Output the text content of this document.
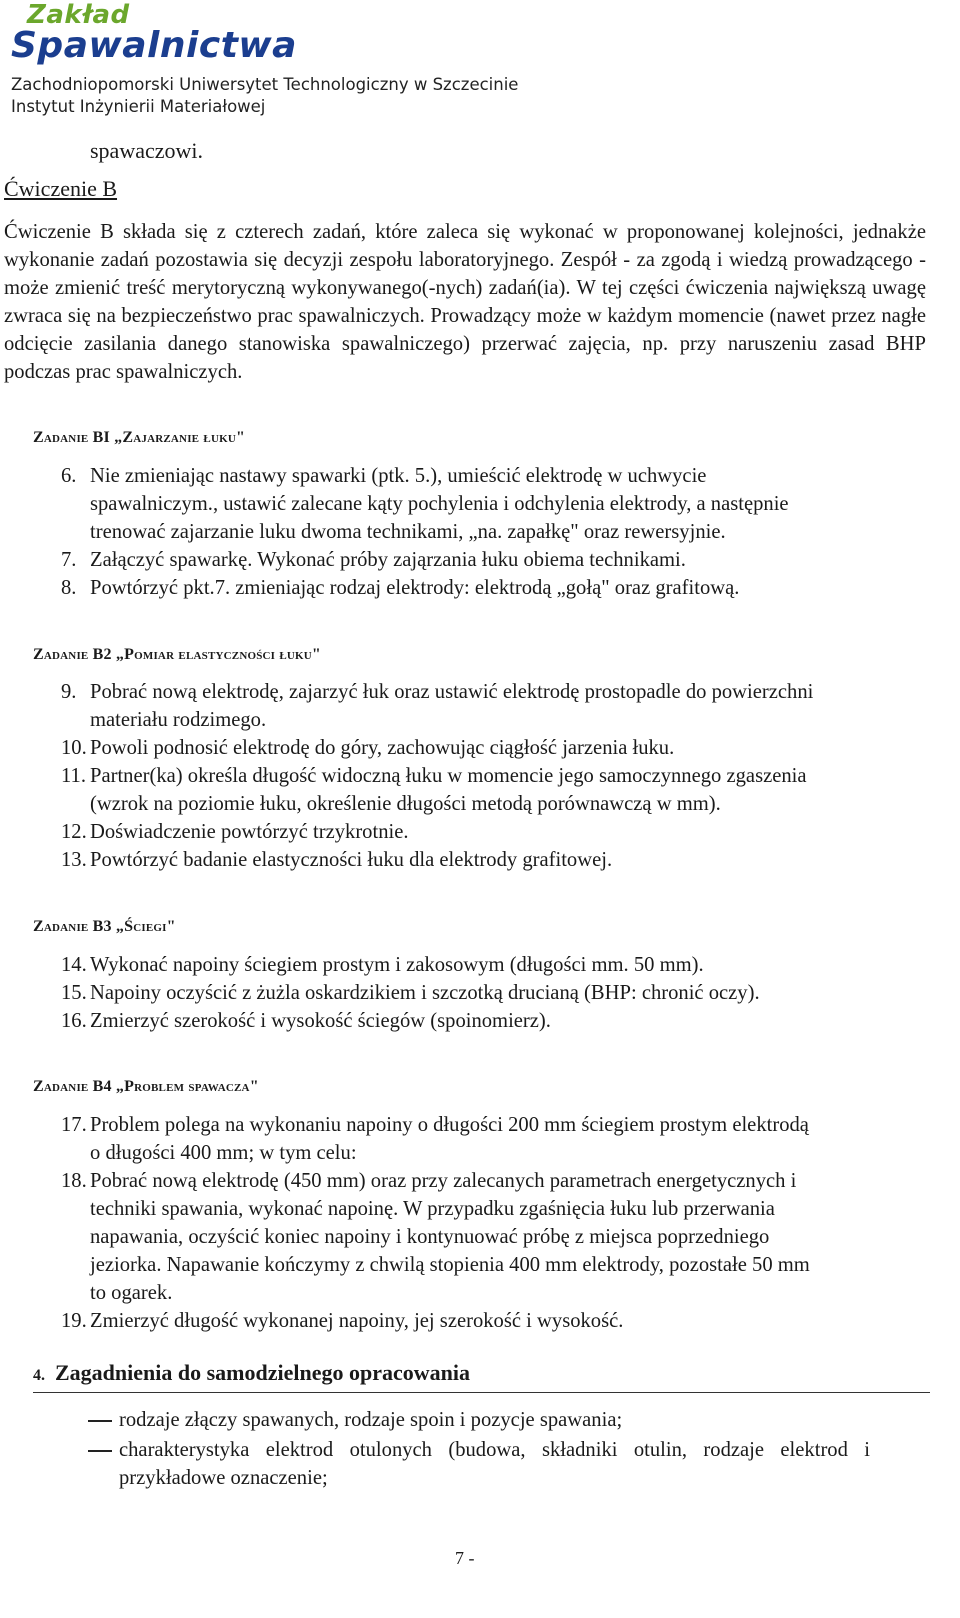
Zakład
Spawalnictwa
Zachodniopomorski Uniwersytet Technologiczny w Szczecinie
Instytut Inżynierii Materiałowej
spawaczowi.
Ćwiczenie B
Ćwiczenie B składa się z czterech zadań, które zaleca się wykonać w proponowanej kolejności, jednakże wykonanie zadań pozostawia się decyzji zespołu laboratoryjnego. Zespół - za zgodą i wiedzą prowadzącego - może zmienić treść merytoryczną wykonywanego(-nych) zadań(ia). W tej części ćwiczenia największą uwagę zwraca się na bezpieczeństwo prac spawalniczych. Prowadzący może w każdym momencie (nawet przez nagłe odcięcie zasilania danego stanowiska spawalniczego) przerwać zajęcia, np. przy naruszeniu zasad BHP podczas prac spawalniczych.
Zadanie BI „Zajarzanie łuku"
6. Nie zmieniając nastawy spawarki (ptk. 5.), umieścić elektrodę w uchwycie spawalniczym., ustawić zalecane kąty pochylenia i odchylenia elektrody, a następnie trenować zajarzanie luku dwoma technikami, „na. zapałkę" oraz rewersyjnie.
7. Załączyć spawarkę. Wykonać próby zająrzania łuku obiema technikami.
8. Powtórzyć pkt.7. zmieniając rodzaj elektrody: elektrodą „gołą" oraz grafitową.
Zadanie B2 „Pomiar elastyczności łuku"
9. Pobrać nową elektrodę, zajarzyć łuk oraz ustawić elektrodę prostopadle do powierzchni materiału rodzimego.
10. Powoli podnosić elektrodę do góry, zachowując ciągłość jarzenia łuku.
11. Partner(ka) określa długość widoczną łuku w momencie jego samoczynnego zgaszenia (wzrok na poziomie łuku, określenie długości metodą porównawczą w mm).
12. Doświadczenie powtórzyć trzykrotnie.
13. Powtórzyć badanie elastyczności łuku dla elektrody grafitowej.
Zadanie B3 „Ściegi"
14. Wykonać napoiny ściegiem prostym i zakosowym (długości mm. 50 mm).
15. Napoiny oczyścić z żużla oskardzikiem i szczotką drucianą (BHP: chronić oczy).
16. Zmierzyć szerokość i wysokość ściegów (spoinomierz).
Zadanie B4 „Problem spawacza"
17. Problem polega na wykonaniu napoiny o długości 200 mm ściegiem prostym elektrodą o długości 400 mm; w tym celu:
18. Pobrać nową elektrodę (450 mm) oraz przy zalecanych parametrach energetycznych i techniki spawania, wykonać napoinę. W przypadku zgaśnięcia łuku lub przerwania napawania, oczyścić koniec napoiny i kontynuować próbę z miejsca poprzedniego jeziorka. Napawanie kończymy z chwilą stopienia 400 mm elektrody, pozostałe 50 mm to ogarek.
19. Zmierzyć długość wykonanej napoiny, jej szerokość i wysokość.
4. Zagadnienia do samodzielnego opracowania
rodzaje złączy spawanych, rodzaje spoin i pozycje spawania;
charakterystyka elektrod otulonych (budowa, składniki otulin, rodzaje elektrod i przykładowe oznaczenie;
7 -
